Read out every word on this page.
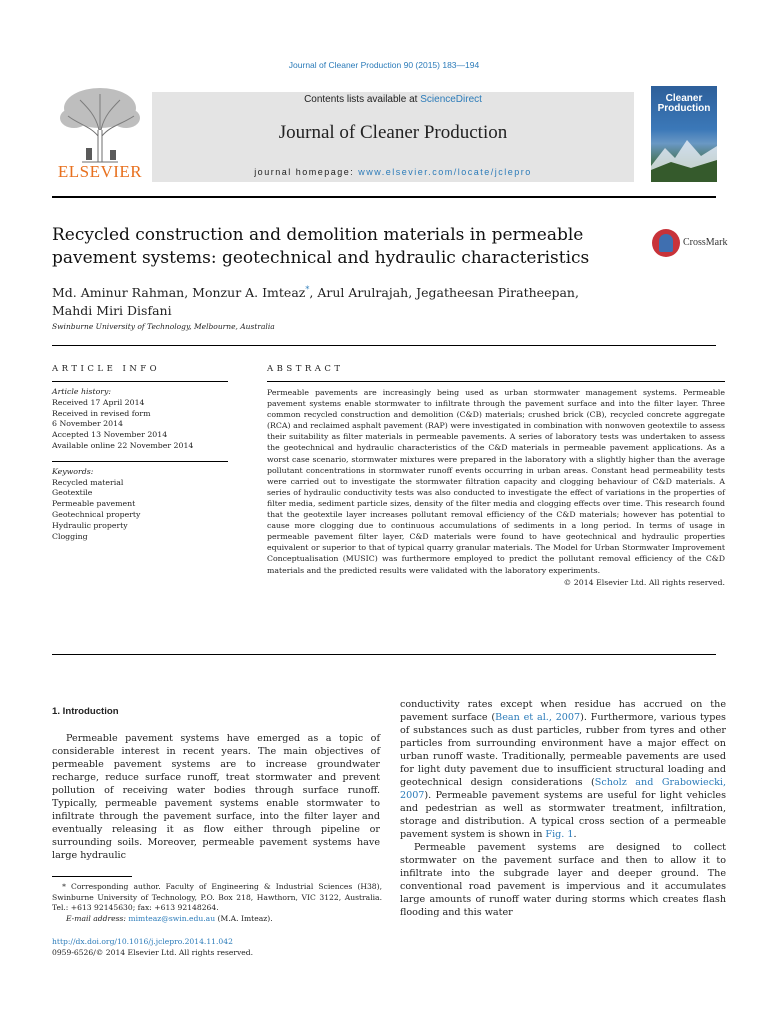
Journal of Cleaner Production 90 (2015) 183—194
ELSEVIER
Contents lists available at ScienceDirect
Journal of Cleaner Production
journal homepage: www.elsevier.com/locate/jclepro
Cleaner
Production
Recycled construction and demolition materials in permeable
pavement systems: geotechnical and hydraulic characteristics
CrossMark
Md. Aminur Rahman, Monzur A. Imteaz*, Arul Arulrajah, Jegatheesan Piratheepan,
Mahdi Miri Disfani
Swinburne University of Technology, Melbourne, Australia
ARTICLE INFO
Article history:
Received 17 April 2014
Received in revised form
6 November 2014
Accepted 13 November 2014
Available online 22 November 2014
Keywords:
Recycled material
Geotextile
Permeable pavement
Geotechnical property
Hydraulic property
Clogging
ABSTRACT

Permeable pavements are increasingly being used as urban stormwater management systems. Permeable pavement systems enable stormwater to infiltrate through the pavement surface and into the filter layer. Three common recycled construction and demolition (C&D) materials; crushed brick (CB), recycled concrete aggregate (RCA) and reclaimed asphalt pavement (RAP) were investigated in combination with nonwoven geotextile to assess their suitability as filter materials in permeable pavements. A series of laboratory tests was undertaken to assess the geotechnical and hydraulic characteristics of the C&D materials in permeable pavement applications. As a worst case scenario, stormwater mixtures were prepared in the laboratory with a slightly higher than the average pollutant concentrations in stormwater runoff events occurring in urban areas. Constant head permeability tests were carried out to investigate the stormwater filtration capacity and clogging behaviour of C&D materials. A series of hydraulic conductivity tests was also conducted to investigate the effect of variations in the properties of filter media, sediment particle sizes, density of the filter media and clogging effects over time. This research found that the geotextile layer increases pollutant removal efficiency of the C&D materials; however has potential to cause more clogging due to continuous accumulations of sediments in a long period. In terms of usage in permeable pavement filter layer, C&D materials were found to have geotechnical and hydraulic properties equivalent or superior to that of typical quarry granular materials. The Model for Urban Stormwater Improvement Conceptualisation (MUSIC) was furthermore employed to predict the pollutant removal efficiency of the C&D materials and the predicted results were validated with the laboratory experiments.

© 2014 Elsevier Ltd. All rights reserved.

1. Introduction

Permeable pavement systems have emerged as a topic of considerable interest in recent years. The main objectives of permeable pavement systems are to increase groundwater recharge, reduce surface runoff, treat stormwater and prevent pollution of receiving water bodies through surface runoff. Typically, permeable pavement systems enable stormwater to infiltrate through the pavement surface, into the filter layer and eventually releasing it as flow either through pipeline or surrounding soils. Moreover, permeable pavement systems have large hydraulic

conductivity rates except when residue has accrued on the pavement surface (Bean et al., 2007). Furthermore, various types of substances such as dust particles, rubber from tyres and other particles from surrounding environment have a major effect on urban runoff waste. Traditionally, permeable pavements are used for light duty pavement due to insufficient structural loading and geotechnical design considerations (Scholz and Grabowiecki, 2007). Permeable pavement systems are useful for light vehicles and pedestrian as well as stormwater treatment, infiltration, storage and distribution. A typical cross section of a permeable pavement system is shown in Fig. 1.

Permeable pavement systems are designed to collect stormwater on the pavement surface and then to allow it to infiltrate into the subgrade layer and deeper ground. The conventional road pavement is impervious and it accumulates large amounts of runoff water during storms which creates flash flooding and this water

* Corresponding author. Faculty of Engineering & Industrial Sciences (H38), Swinburne University of Technology, P.O. Box 218, Hawthorn, VIC 3122, Australia. Tel.: +613 92145630; fax: +613 92148264.
E-mail address: mimteaz@swin.edu.au (M.A. Imteaz).
http://dx.doi.org/10.1016/j.jclepro.2014.11.042
0959-6526/© 2014 Elsevier Ltd. All rights reserved.
